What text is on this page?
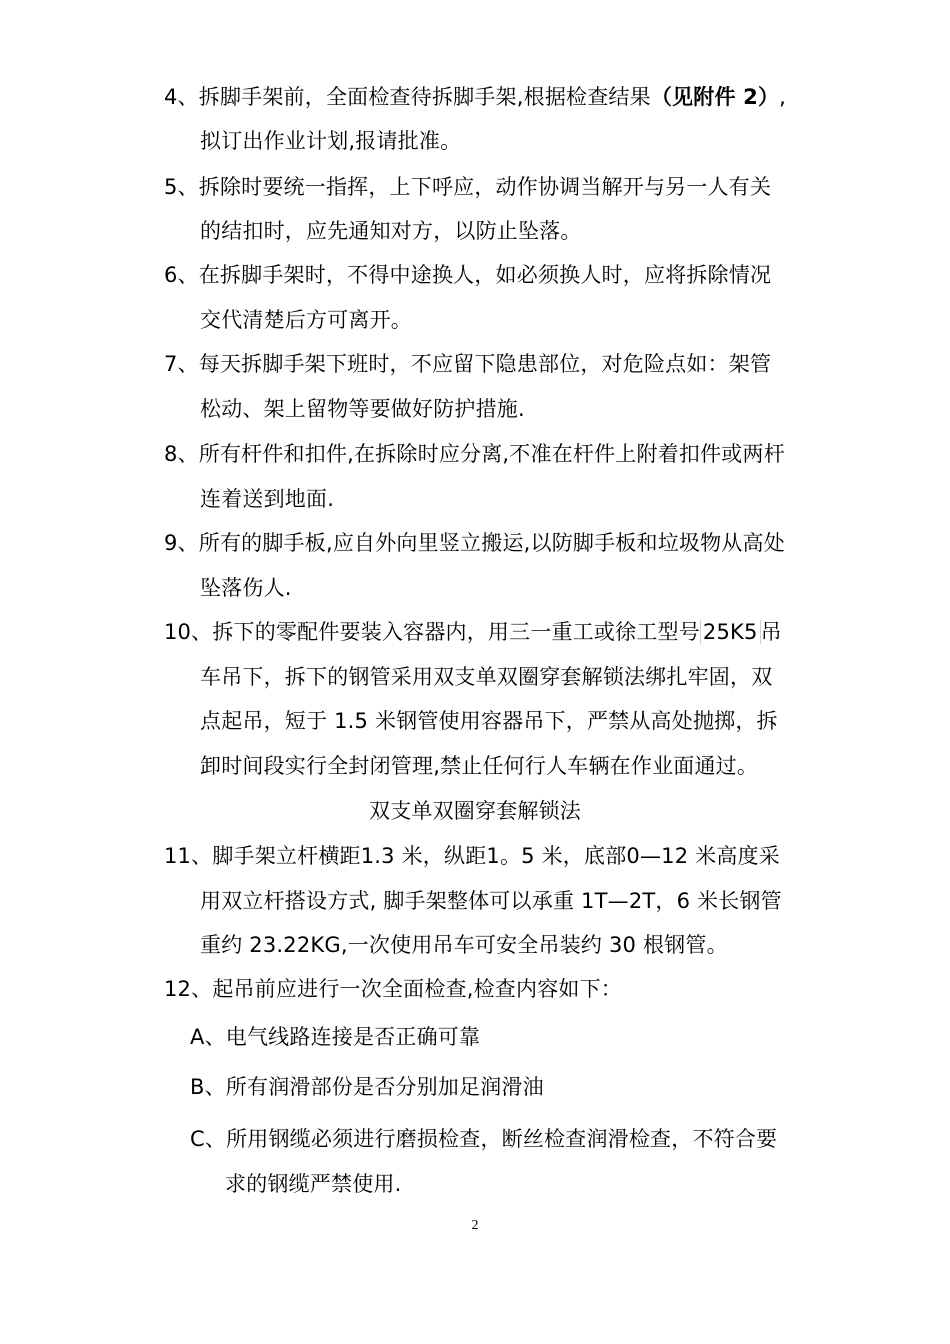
4、拆脚手架前，全面检查待拆脚手架,根据检查结果（见附件 2）,
拟订出作业计划,报请批准。
5、拆除时要统一指挥，上下呼应，动作协调当解开与另一人有关
的结扣时，应先通知对方，以防止坠落。
6、在拆脚手架时，不得中途换人，如必须换人时，应将拆除情况
交代清楚后方可离开。
7、每天拆脚手架下班时，不应留下隐患部位，对危险点如：架管
松动、架上留物等要做好防护措施.
8、所有杆件和扣件,在拆除时应分离,不准在杆件上附着扣件或两杆
连着送到地面.
9、所有的脚手板,应自外向里竖立搬运,以防脚手板和垃圾物从高处
坠落伤人.
10、拆下的零配件要装入容器内，用三一重工或徐工型号 25K5 吊
车吊下，拆下的钢管采用双支单双圈穿套解锁法绑扎牢固，双
点起吊，短于 1.5 米钢管使用容器吊下，严禁从高处抛掷，拆
卸时间段实行全封闭管理,禁止任何行人车辆在作业面通过。
双支单双圈穿套解锁法
11、脚手架立杆横距1.3 米，纵距1。5 米，底部0—12 米高度采
用双立杆搭设方式, 脚手架整体可以承重 1T—2T，6 米长钢管
重约 23.22KG,一次使用吊车可安全吊装约 30 根钢管。
12、起吊前应进行一次全面检查,检查内容如下：
A、电气线路连接是否正确可靠
B、所有润滑部份是否分别加足润滑油
C、所用钢缆必须进行磨损检查，断丝检查润滑检查，不符合要
求的钢缆严禁使用.
2
